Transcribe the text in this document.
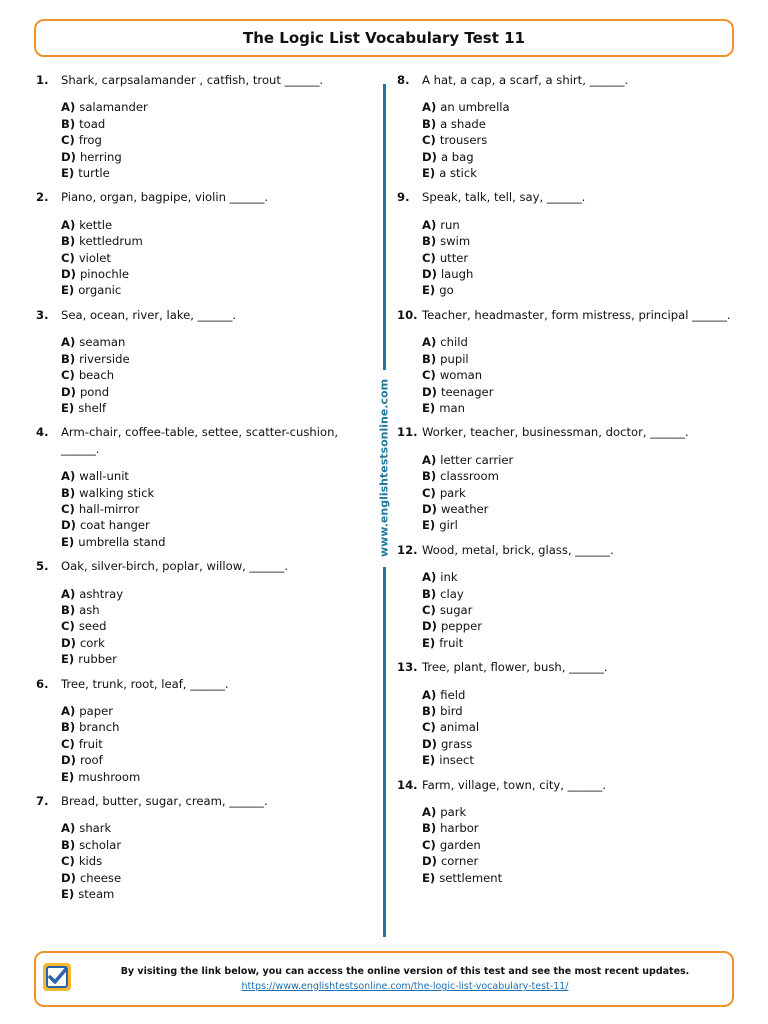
The Logic List Vocabulary Test 11
1.	Shark, carpsalamander , catfish, trout ______.
A) salamander
B) toad
C) frog
D) herring
E) turtle
2.	Piano, organ, bagpipe, violin ______.
A) kettle
B) kettledrum
C) violet
D) pinochle
E) organic
3.	Sea, ocean, river, lake, ______.
A) seaman
B) riverside
C) beach
D) pond
E) shelf
4.	Arm-chair, coffee-table, settee, scatter-cushion, ______.
A) wall-unit
B) walking stick
C) hall-mirror
D) coat hanger
E) umbrella stand
5.	Oak, silver-birch, poplar, willow, ______.
A) ashtray
B) ash
C) seed
D) cork
E) rubber
6.	Tree, trunk, root, leaf, ______.
A) paper
B) branch
C) fruit
D) roof
E) mushroom
7.	Bread, butter, sugar, cream, ______.
A) shark
B) scholar
C) kids
D) cheese
E) steam
8.	A hat, a cap, a scarf, a shirt, ______.
A) an umbrella
B) a shade
C) trousers
D) a bag
E) a stick
9.	Speak, talk, tell, say, ______.
A) run
B) swim
C) utter
D) laugh
E) go
10. Teacher, headmaster, form mistress, principal ______.
A) child
B) pupil
C) woman
D) teenager
E) man
11. Worker, teacher, businessman, doctor, ______.
A) letter carrier
B) classroom
C) park
D) weather
E) girl
12. Wood, metal, brick, glass, ______.
A) ink
B) clay
C) sugar
D) pepper
E) fruit
13. Tree, plant, flower, bush, ______.
A) field
B) bird
C) animal
D) grass
E) insect
14. Farm, village, town, city, ______.
A) park
B) harbor
C) garden
D) corner
E) settlement
www.englishtestsonline.com
By visiting the link below, you can access the online version of this test and see the most recent updates.
https://www.englishtestsonline.com/the-logic-list-vocabulary-test-11/
